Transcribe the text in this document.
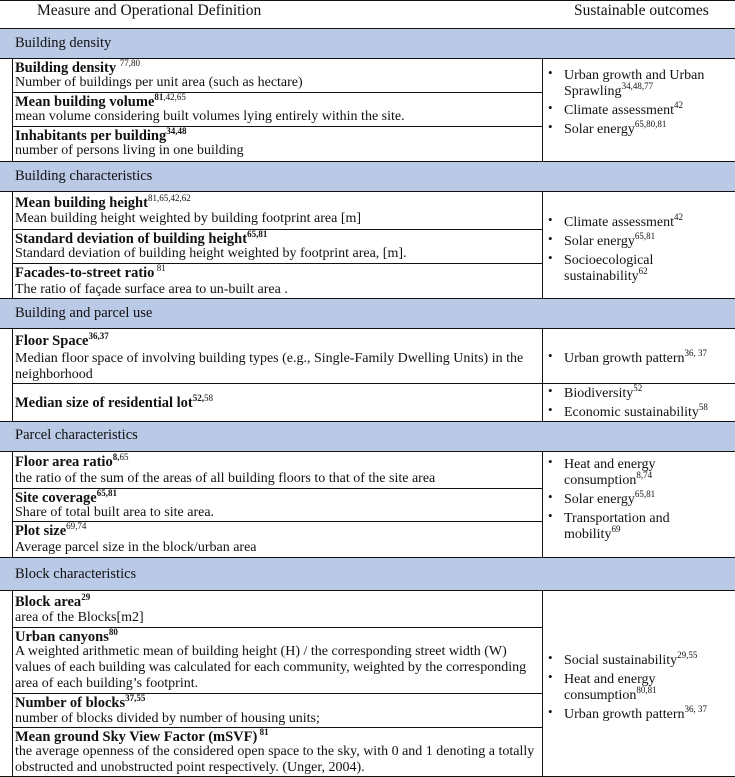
Measure and Operational Definition	Sustainable outcomes
Building density
Building characteristics
Building and parcel use
Parcel characteristics
Block characteristics
Building density $^{77,80}$
Number of buildings per unit area (such as hectare)
Mean building volume$^{81,42,65}$
mean volume considering built volumes lying entirely within the site.
Inhabitants per building$^{34,48}$
number of persons living in one building
• Urban growth and Urban Sprawling$^{34,48,77}$
• Climate assessment$^{42}$
• Solar energy$^{65,80,81}$
Mean building height$^{81,65,42,62}$
Mean building height weighted by building footprint area [m]
Standard deviation of building height$^{65,81}$
Standard deviation of building height weighted by footprint area, [m].
Facades-to-street ratio $^{81}$
The ratio of façade surface area to un-built area .
• Climate assessment$^{42}$
• Solar energy$^{65,81}$
• Socioecological sustainability$^{62}$
Floor Space$^{36,37}$
Median floor space of involving building types (e.g., Single-Family Dwelling Units) in the neighborhood
Median size of residential lot$^{52,58}$
• Urban growth pattern$^{36, 37}$
• Biodiversity$^{52}$
• Economic sustainability$^{58}$
Floor area ratio$^{8,65}$
the ratio of the sum of the areas of all building floors to that of the site area
Site coverage$^{65,81}$
Share of total built area to site area.
Plot size$^{69,74}$
Average parcel size in the block/urban area
• Heat and energy consumption$^{8,74}$
• Solar energy$^{65,81}$
• Transportation and mobility$^{69}$
Block area$^{29}$
area of the Blocks[m2]
Urban canyons$^{80}$
A weighted arithmetic mean of building height (H) / the corresponding street width (W) values of each building was calculated for each community, weighted by the corresponding area of each building’s footprint.
Number of blocks$^{37,55}$
number of blocks divided by number of housing units;
Mean ground Sky View Factor (mSVF) $^{81}$
the average openness of the considered open space to the sky, with 0 and 1 denoting a totally obstructed and unobstructed point respectively. (Unger, 2004).
• Social sustainability$^{29,55}$
• Heat and energy consumption$^{80,81}$
• Urban growth pattern$^{36, 37}$
